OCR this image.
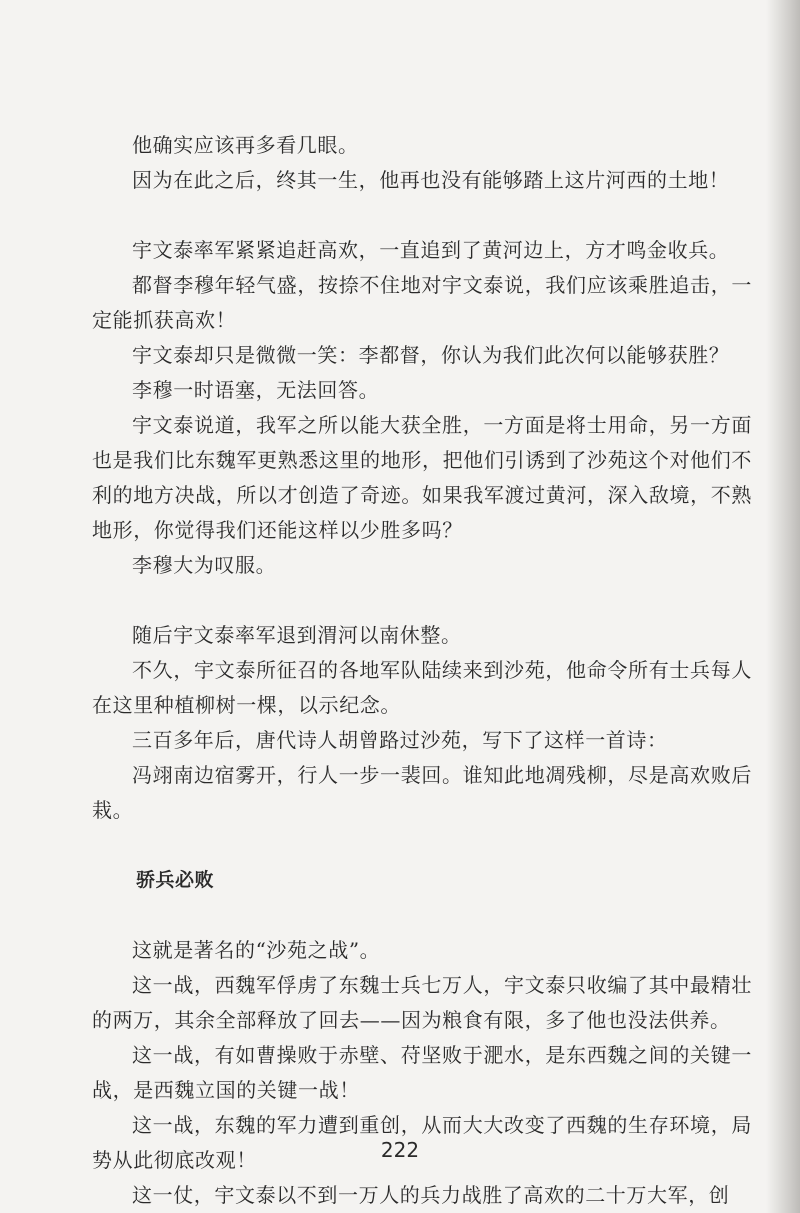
他确实应该再多看几眼。

因为在此之后，终其一生，他再也没有能够踏上这片河西的土地！

宇文泰率军紧紧追赶高欢，一直追到了黄河边上，方才鸣金收兵。

都督李穆年轻气盛，按捺不住地对宇文泰说，我们应该乘胜追击，一定能抓获高欢！

宇文泰却只是微微一笑：李都督，你认为我们此次何以能够获胜？

李穆一时语塞，无法回答。

宇文泰说道，我军之所以能大获全胜，一方面是将士用命，另一方面也是我们比东魏军更熟悉这里的地形，把他们引诱到了沙苑这个对他们不利的地方决战，所以才创造了奇迹。如果我军渡过黄河，深入敌境，不熟地形，你觉得我们还能这样以少胜多吗？

李穆大为叹服。

随后宇文泰率军退到渭河以南休整。

不久，宇文泰所征召的各地军队陆续来到沙苑，他命令所有士兵每人在这里种植柳树一棵，以示纪念。

三百多年后，唐代诗人胡曾路过沙苑，写下了这样一首诗：

冯翊南边宿雾开，行人一步一裴回。谁知此地凋残柳，尽是高欢败后栽。

骄兵必败

这就是著名的“沙苑之战”。

这一战，西魏军俘虏了东魏士兵七万人，宇文泰只收编了其中最精壮的两万，其余全部释放了回去——因为粮食有限，多了他也没法供养。

这一战，有如曹操败于赤壁、苻坚败于淝水，是东西魏之间的关键一战，是西魏立国的关键一战！

这一战，东魏的军力遭到重创，从而大大改变了西魏的生存环境，局势从此彻底改观！

这一仗，宇文泰以不到一万人的兵力战胜了高欢的二十万大军，创

222
